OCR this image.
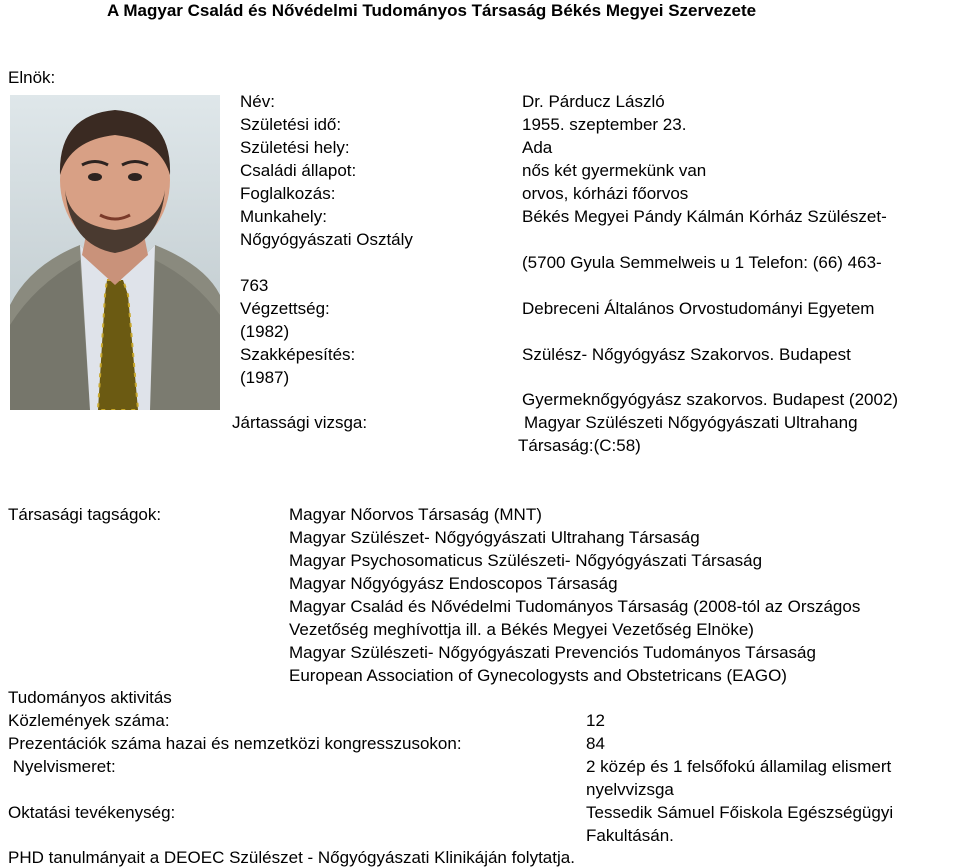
A Magyar Család és Nővédelmi Tudományos Társaság Békés Megyei Szervezete
Elnök:
Név:	Dr. Párducz László
Születési idő:	1955. szeptember 23.
Születési hely:	Ada
Családi állapot:	nős két gyermekünk van
Foglalkozás:	orvos, kórházi főorvos
Munkahely:	Békés Megyei Pándy Kálmán Kórház Szülészet-
Nőgyógyászati Osztály
(5700 Gyula Semmelweis u 1 Telefon: (66) 463-
763
Végzettség:	Debreceni Általános Orvostudományi Egyetem
(1982)
Szakképesítés:	Szülész- Nőgyógyász Szakorvos. Budapest
(1987)
Gyermeknőgyógyász szakorvos. Budapest (2002)
Jártassági vizsga:	Magyar Szülészeti Nőgyógyászati Ultrahang
Társaság:(C:58)
Társasági tagságok:	Magyar Nőorvos Társaság (MNT)
Magyar Szülészet- Nőgyógyászati Ultrahang Társaság
Magyar Psychosomaticus Szülészeti- Nőgyógyászati Társaság
Magyar Nőgyógyász Endoscopos Társaság
Magyar Család és Nővédelmi Tudományos Társaság (2008-tól az Országos
Vezetőség meghívottja ill. a Békés Megyei Vezetőség Elnöke)
Magyar Szülészeti- Nőgyógyászati Prevenciós Tudományos Társaság
European Association of Gynecologysts and Obstetricans (EAGO)
Tudományos aktivitás
Közlemények száma:	12
Prezentációk száma hazai és nemzetközi kongresszusokon:	84
Nyelvismeret:	2 közép és 1 felsőfokú államilag elismert
nyelvvizsga
Oktatási tevékenység:	Tessedik Sámuel Főiskola Egészségügyi
Fakultásán.
PHD tanulmányait a DEOEC Szülészet - Nőgyógyászati Klinikáján folytatja.
